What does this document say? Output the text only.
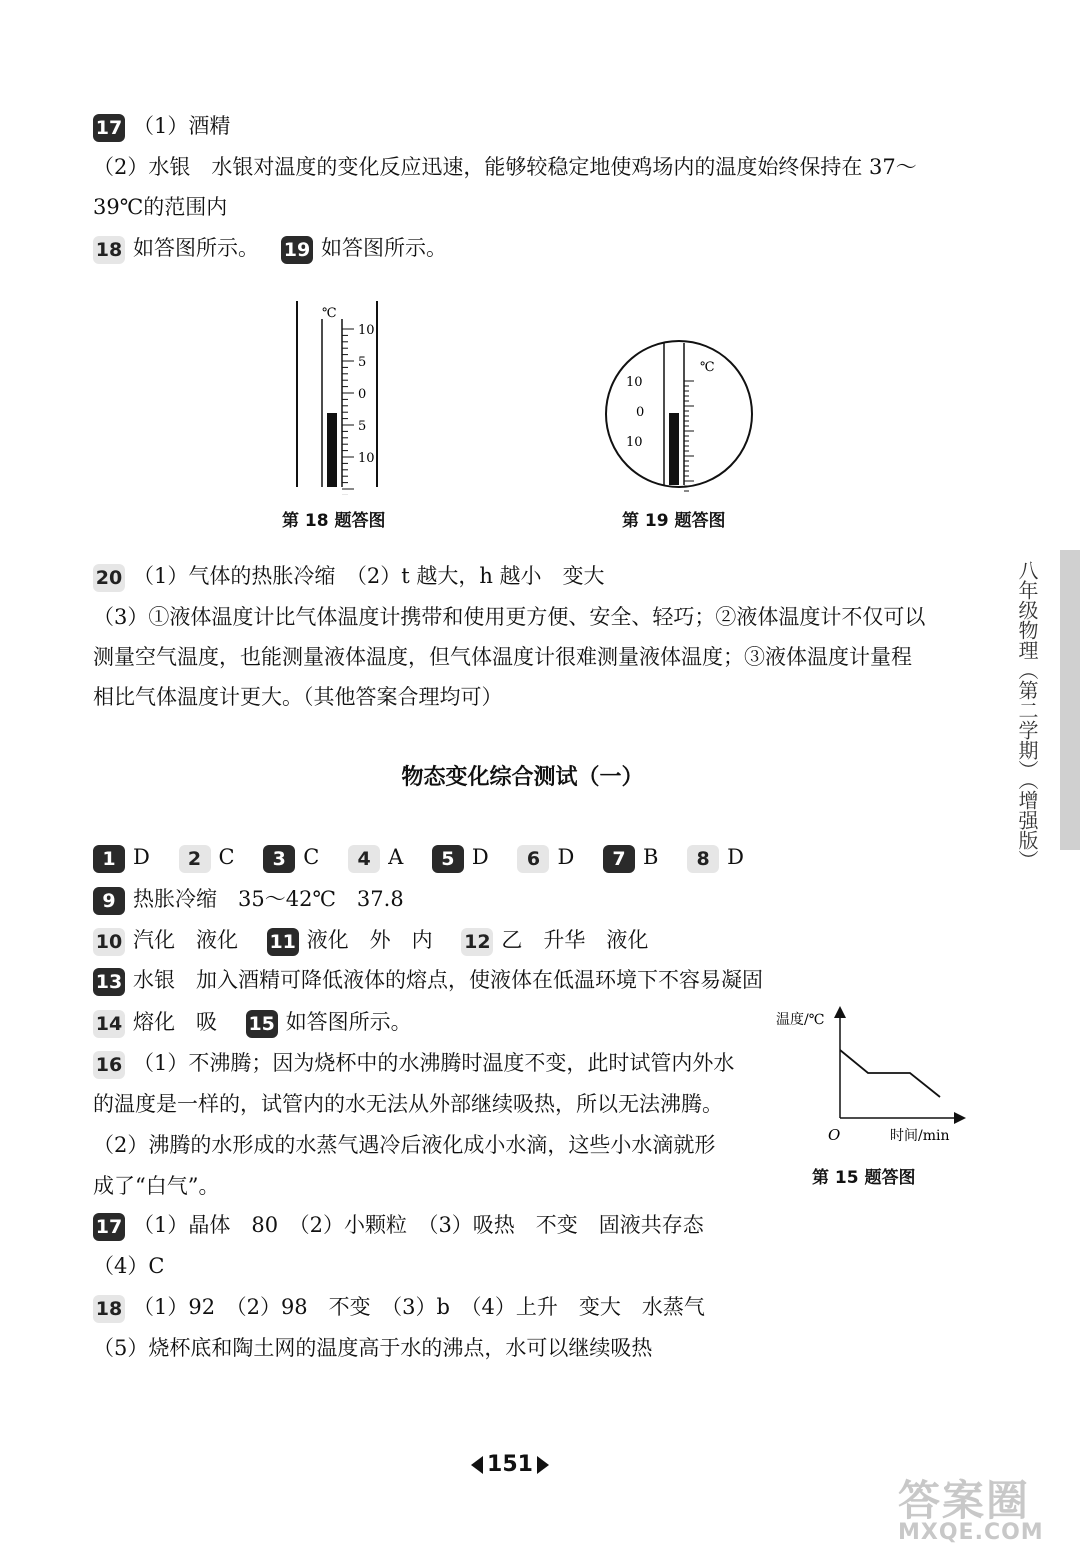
17 （1）酒精
（2）水银　水银对温度的变化反应迅速，能够较稳定地使鸡场内的温度始终保持在 37～
39℃的范围内
18 如答图所示。 19 如答图所示。
℃
10
5
0
5
10
第 18 题答图
℃
10
0
10
第 19 题答图
20 （1）气体的热胀冷缩　（2）t 越大，h 越小　变大
（3）①液体温度计比气体温度计携带和使用更方便、安全、轻巧；②液体温度计不仅可以
测量空气温度，也能测量液体温度，但气体温度计很难测量液体温度；③液体温度计量程
相比气体温度计更大。（其他答案合理均可）
物态变化综合测试（一）
1 D 2 C 3 C 4 A 5 D 6 D 7 B 8 D
9 热胀冷缩　35～42℃　37.8
10 汽化　液化 11 液化　外　内 12 乙　升华　液化
13 水银　加入酒精可降低液体的熔点，使液体在低温环境下不容易凝固
14 熔化　吸 15 如答图所示。
16 （1）不沸腾；因为烧杯中的水沸腾时温度不变，此时试管内外水
的温度是一样的，试管内的水无法从外部继续吸热，所以无法沸腾。
（2）沸腾的水形成的水蒸气遇冷后液化成小水滴，这些小水滴就形
成了“白气”。
温度/℃
时间/min
O
第 15 题答图
17 （1）晶体　80　（2）小颗粒　（3）吸热　不变　固液共存态
（4）C
18 （1）92　（2）98　不变　（3）b　（4）上升　变大　水蒸气
（5）烧杯底和陶土网的温度高于水的沸点，水可以继续吸热
八年级物理（第二学期）（增强版）
151
答案圈
MXQE.COM
